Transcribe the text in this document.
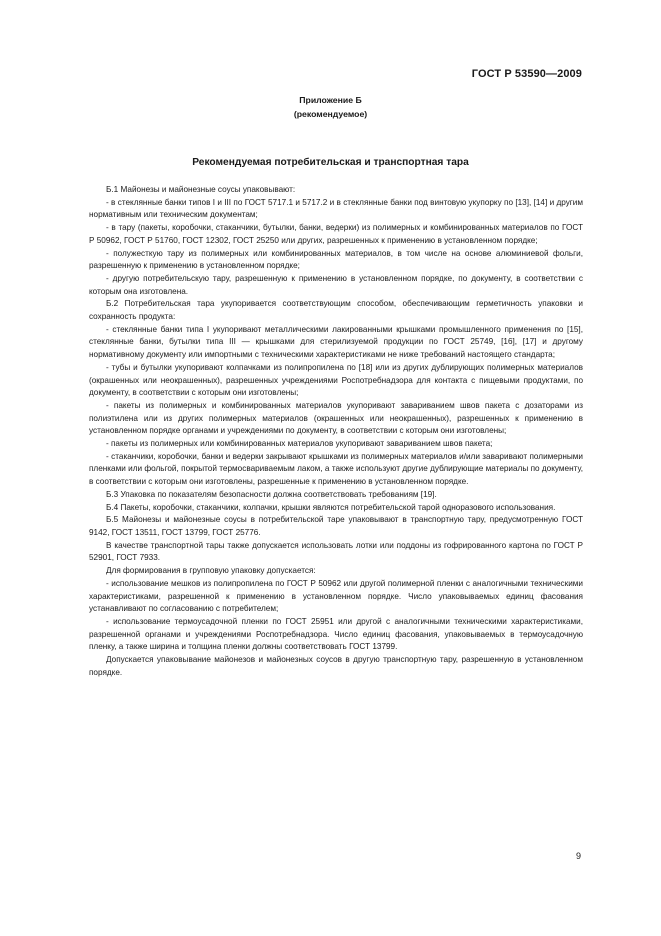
ГОСТ Р 53590—2009
Приложение Б
(рекомендуемое)
Рекомендуемая потребительская и транспортная тара

Б.1 Майонезы и майонезные соусы упаковывают:

- в стеклянные банки типов I и III по ГОСТ 5717.1 и 5717.2 и в стеклянные банки под винтовую укупорку по [13], [14] и другим нормативным или техническим документам;

- в тару (пакеты, коробочки, стаканчики, бутылки, банки, ведерки) из полимерных и комбинированных материалов по ГОСТ Р 50962, ГОСТ Р 51760, ГОСТ 12302, ГОСТ 25250 или других, разрешенных к применению в установленном порядке;

- полужесткую тару из полимерных или комбинированных материалов, в том числе на основе алюминиевой фольги, разрешенную к применению в установленном порядке;

- другую потребительскую тару, разрешенную к применению в установленном порядке, по документу, в соответствии с которым она изготовлена.

Б.2 Потребительская тара укупоривается соответствующим способом, обеспечивающим герметичность упаковки и сохранность продукта:

- стеклянные банки типа I укупоривают металлическими лакированными крышками промышленного применения по [15], стеклянные банки, бутылки типа III — крышками для стерилизуемой продукции по ГОСТ 25749, [16], [17] и другому нормативному документу или импортными с техническими характеристиками не ниже требований настоящего стандарта;

- тубы и бутылки укупоривают колпачками из полипропилена по [18] или из других дублирующих полимерных материалов (окрашенных или неокрашенных), разрешенных учреждениями Роспотребнадзора для контакта с пищевыми продуктами, по документу, в соответствии с которым они изготовлены;

- пакеты из полимерных и комбинированных материалов укупоривают завариванием швов пакета с дозаторами из полиэтилена или из других полимерных материалов (окрашенных или неокрашенных), разрешенных к применению в установленном порядке органами и учреждениями по документу, в соответствии с которым они изготовлены;

- пакеты из полимерных или комбинированных материалов укупоривают завариванием швов пакета;

- стаканчики, коробочки, банки и ведерки закрывают крышками из полимерных материалов и/или заваривают полимерными пленками или фольгой, покрытой термосвариваемым лаком, а также используют другие дублирующие материалы по документу, в соответствии с которым они изготовлены, разрешенные к применению в установленном порядке.

Б.3 Упаковка по показателям безопасности должна соответствовать требованиям [19].

Б.4 Пакеты, коробочки, стаканчики, колпачки, крышки являются потребительской тарой одноразового использования.

Б.5 Майонезы и майонезные соусы в потребительской таре упаковывают в транспортную тару, предусмотренную ГОСТ 9142, ГОСТ 13511, ГОСТ 13799, ГОСТ 25776.

В качестве транспортной тары также допускается использовать лотки или поддоны из гофрированного картона по ГОСТ Р 52901, ГОСТ 7933.

Для формирования в групповую упаковку допускается:

- использование мешков из полипропилена по ГОСТ Р 50962 или другой полимерной пленки с аналогичными техническими характеристиками, разрешенной к применению в установленном порядке. Число упаковываемых единиц фасования устанавливают по согласованию с потребителем;

- использование термоусадочной пленки по ГОСТ 25951 или другой с аналогичными техническими характеристиками, разрешенной органами и учреждениями Роспотребнадзора. Число единиц фасования, упаковываемых в термоусадочную пленку, а также ширина и толщина пленки должны соответствовать ГОСТ 13799.

Допускается упаковывание майонезов и майонезных соусов в другую транспортную тару, разрешенную в установленном порядке.

9
